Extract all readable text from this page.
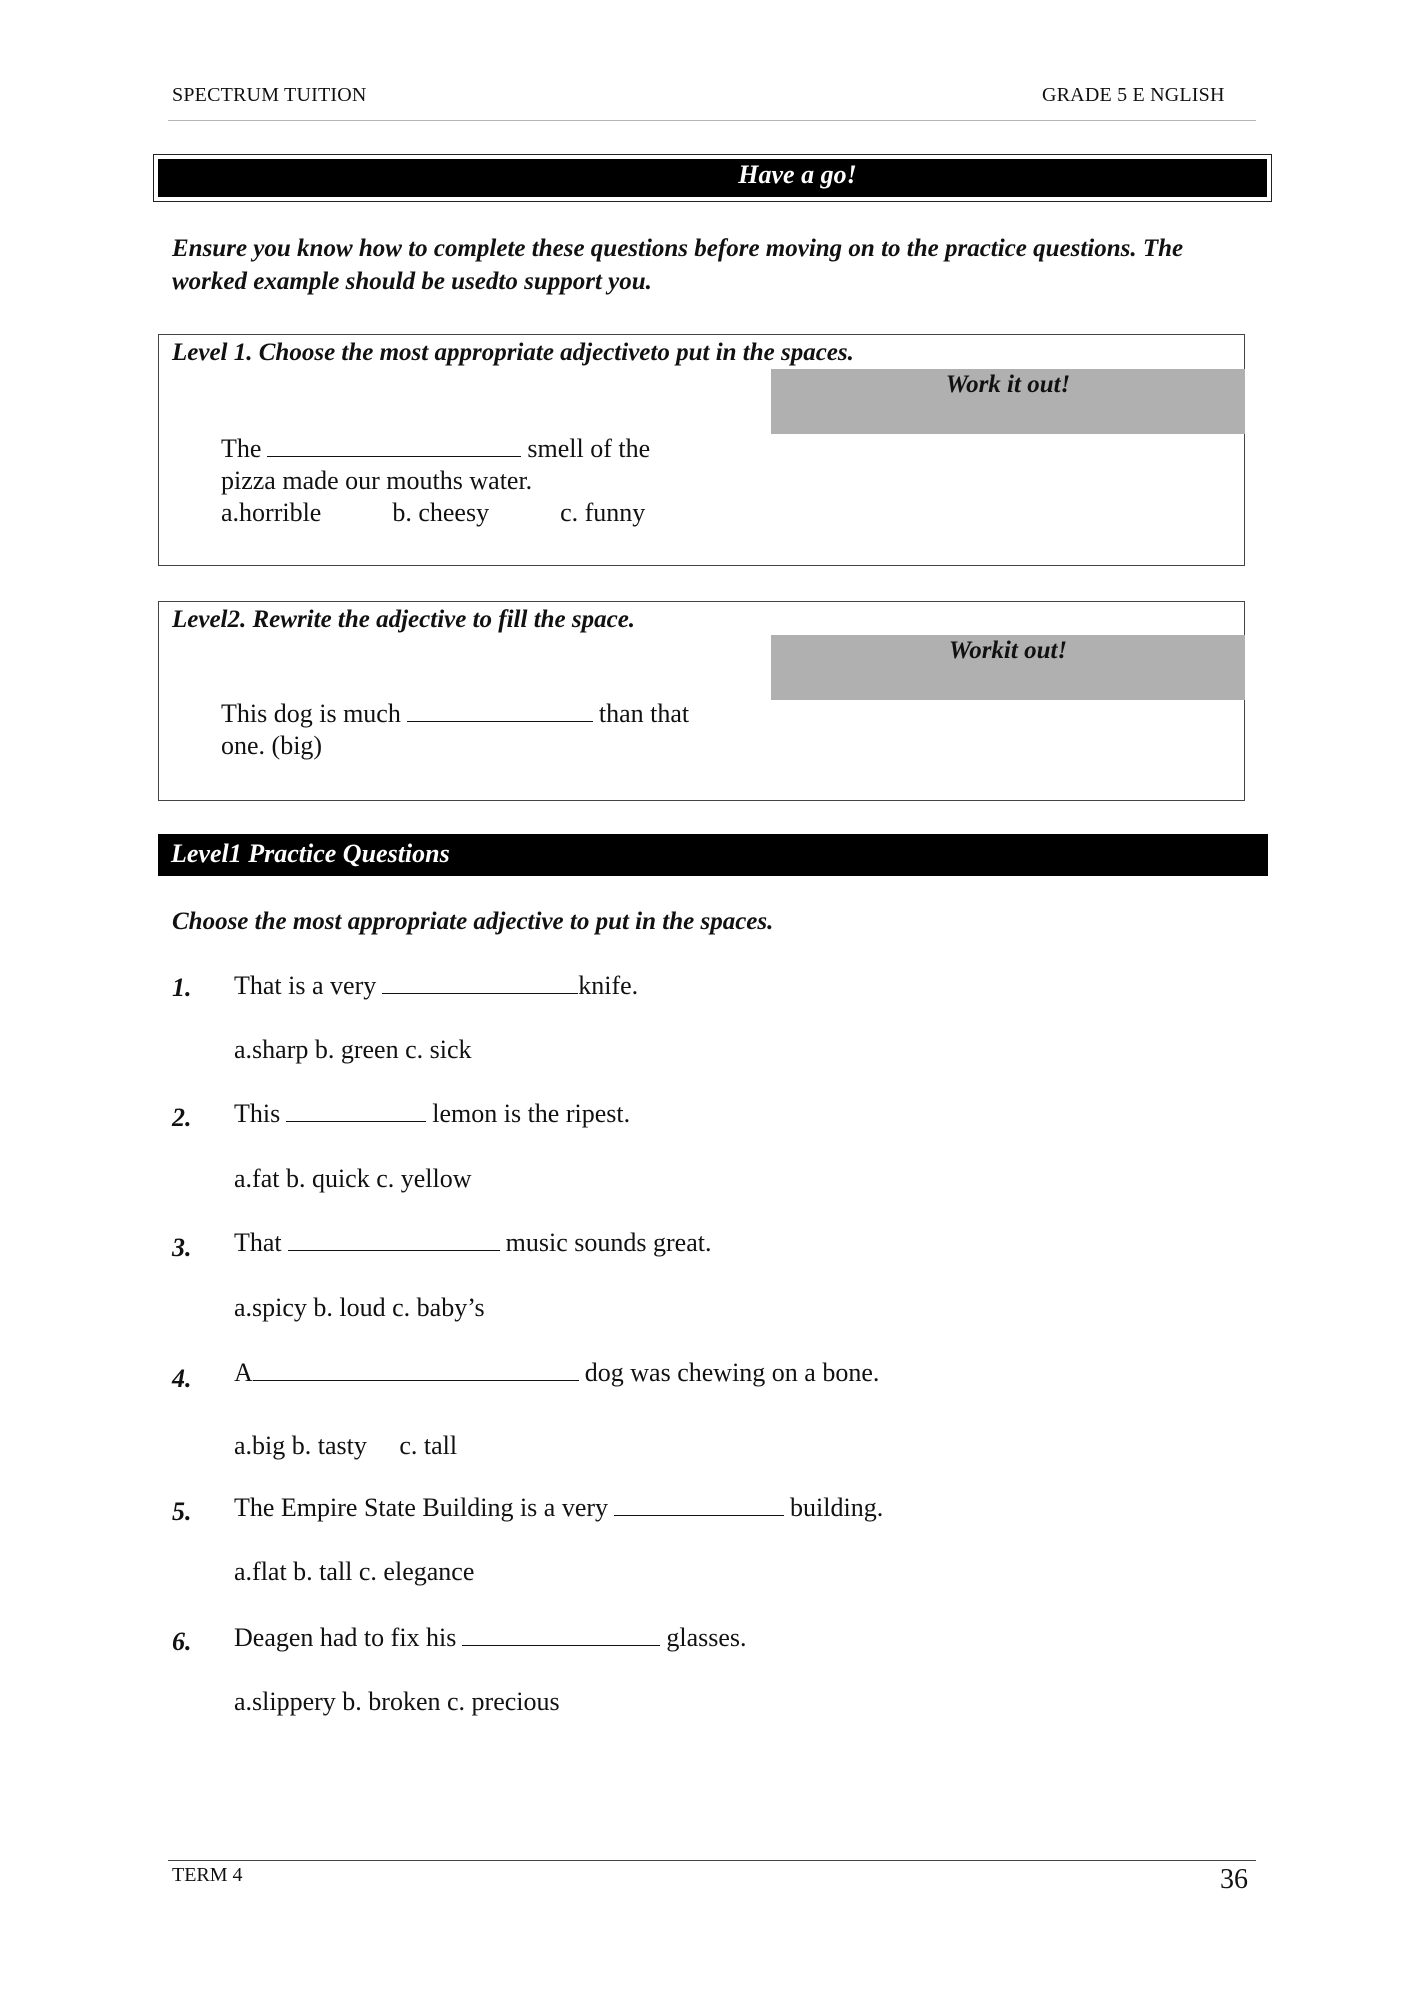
SPECTRUM TUITION	GRADE 5 E NGLISH
Have a go!
Ensure you know how to complete these questions before moving on to the practice questions. The worked example should be usedto support you.
Level 1. Choose the most appropriate adjectiveto put in the spaces.
Work it out!
The	smell of the
pizza made our mouths water.
a.horrible	b. cheesy	c. funny
Level2. Rewrite the adjective to fill the space.
Workit out!
This dog is much	than that
one. (big)
Level1 Practice Questions
Choose the most appropriate adjective to put in the spaces.
1. That is a very	knife.
a.sharp b. green c. sick
2. This	lemon is the ripest.
a.fat b. quick c. yellow
3. That	music sounds great.
a.spicy b. loud c. baby’s
4. A	dog was chewing on a bone.
a.big b. tasty     c. tall
5. The Empire State Building is a very	building.
a.flat b. tall c. elegance
6. Deagen had to fix his	glasses.
a.slippery b. broken c. precious
TERM 4	36
